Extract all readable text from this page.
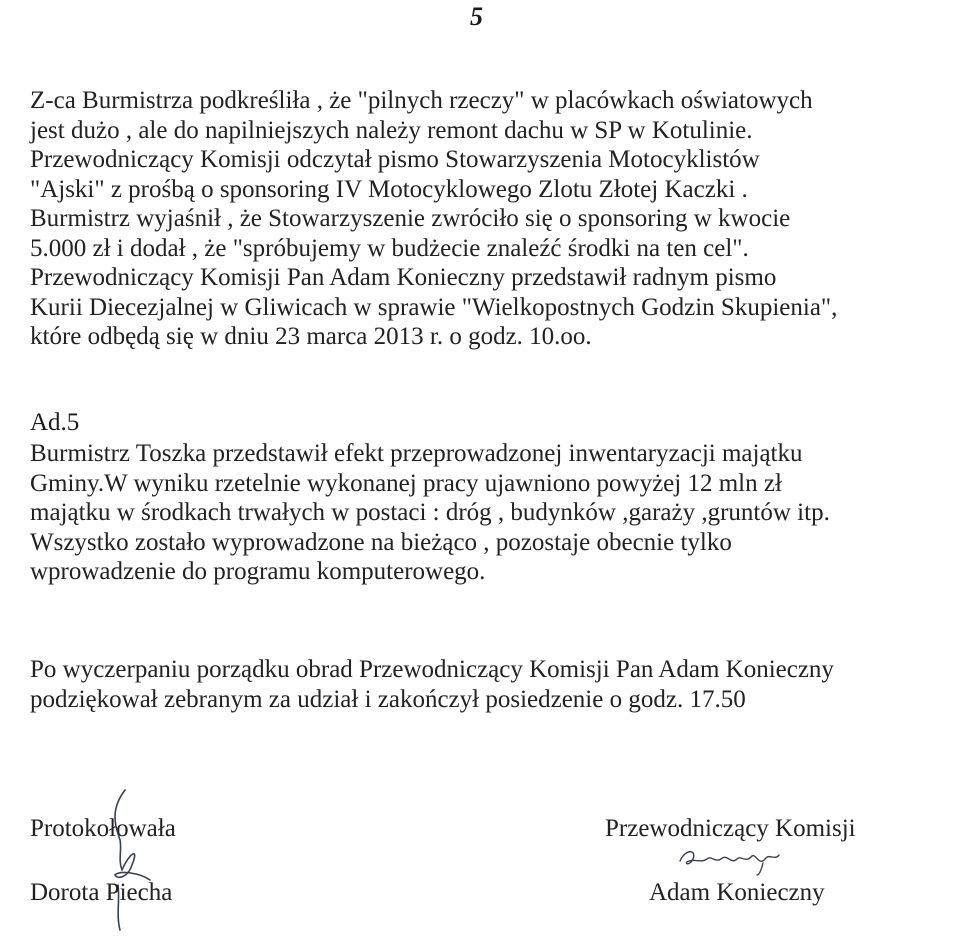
5
Z-ca Burmistrza podkreśliła , że "pilnych rzeczy" w placówkach oświatowych
jest dużo , ale do napilniejszych należy remont dachu w SP w Kotulinie.
Przewodniczący Komisji odczytał pismo Stowarzyszenia Motocyklistów
"Ajski" z prośbą o sponsoring IV Motocyklowego Zlotu Złotej Kaczki .
Burmistrz wyjaśnił , że Stowarzyszenie zwróciło się o sponsoring w kwocie
5.000 zł i dodał , że "spróbujemy w budżecie znaleźć środki na ten cel".
Przewodniczący Komisji Pan Adam Konieczny przedstawił radnym pismo
Kurii Diecezjalnej w Gliwicach w sprawie "Wielkopostnych Godzin Skupienia",
które odbędą się w dniu 23 marca 2013 r. o godz. 10.oo.
Ad.5
Burmistrz Toszka przedstawił efekt przeprowadzonej inwentaryzacji majątku
Gminy.W wyniku rzetelnie wykonanej pracy ujawniono powyżej 12 mln zł
majątku w środkach trwałych w postaci : dróg , budynków ,garaży ,gruntów itp.
Wszystko zostało wyprowadzone na bieżąco , pozostaje obecnie tylko
wprowadzenie do programu komputerowego.
Po wyczerpaniu porządku obrad Przewodniczący Komisji Pan Adam Konieczny
podziękował zebranym za udział i zakończył posiedzenie o godz. 17.50
Protokołowała
Dorota Piecha
Przewodniczący Komisji
Adam Konieczny
